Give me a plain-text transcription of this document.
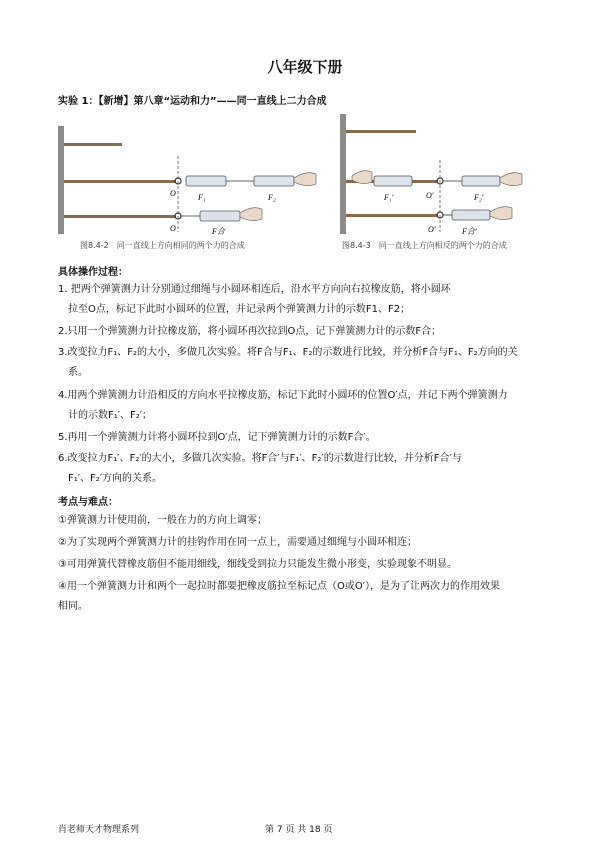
八年级下册
实验 1：【新增】第八章“运动和力”——同一直线上二力合成
O
O
F₁	F₂
F合
图8.4-2　同一直线上方向相同的两个力的合成
O′
O′
F₁′	F₂′
F合′
图8.4-3　同一直线上方向相反的两个力的合成
具体操作过程：
1. 把两个弹簧测力计分别通过细绳与小圆环相连后，沿水平方向向右拉橡皮筋，将小圆环
拉至O点，标记下此时小圆环的位置，并记录两个弹簧测力计的示数F1、F2；
2.只用一个弹簧测力计拉橡皮筋，将小圆环再次拉到O点，记下弹簧测力计的示数F合；
3.改变拉力F₁、F₂的大小，多做几次实验。将F合与F₁、F₂的示数进行比较，并分析F合与F₁、F₂方向的关
系。
4.用两个弹簧测力计沿相反的方向水平拉橡皮筋，标记下此时小圆环的位置O′点，并记下两个弹簧测力
计的示数F₁′、F₂′；
5.再用一个弹簧测力计将小圆环拉到O′点，记下弹簧测力计的示数F合′。
6.改变拉力F₁′、F₂′的大小，多做几次实验。将F合′与F₁′、F₂′的示数进行比较，并分析F合′与
F₁′、F₂′方向的关系。
考点与难点：
①弹簧测力计使用前，一般在力的方向上调零；
②为了实现两个弹簧测力计的挂钩作用在同一点上，需要通过细绳与小圆环相连；
③可用弹簧代替橡皮筋但不能用细线，细线受到拉力只能发生微小形变，实验现象不明显。
④用一个弹簧测力计和两个一起拉时都要把橡皮筋拉至标记点（O或O′），是为了让两次力的作用效果
相同。
肖老师天才物理系列	第 7 页 共 18 页
